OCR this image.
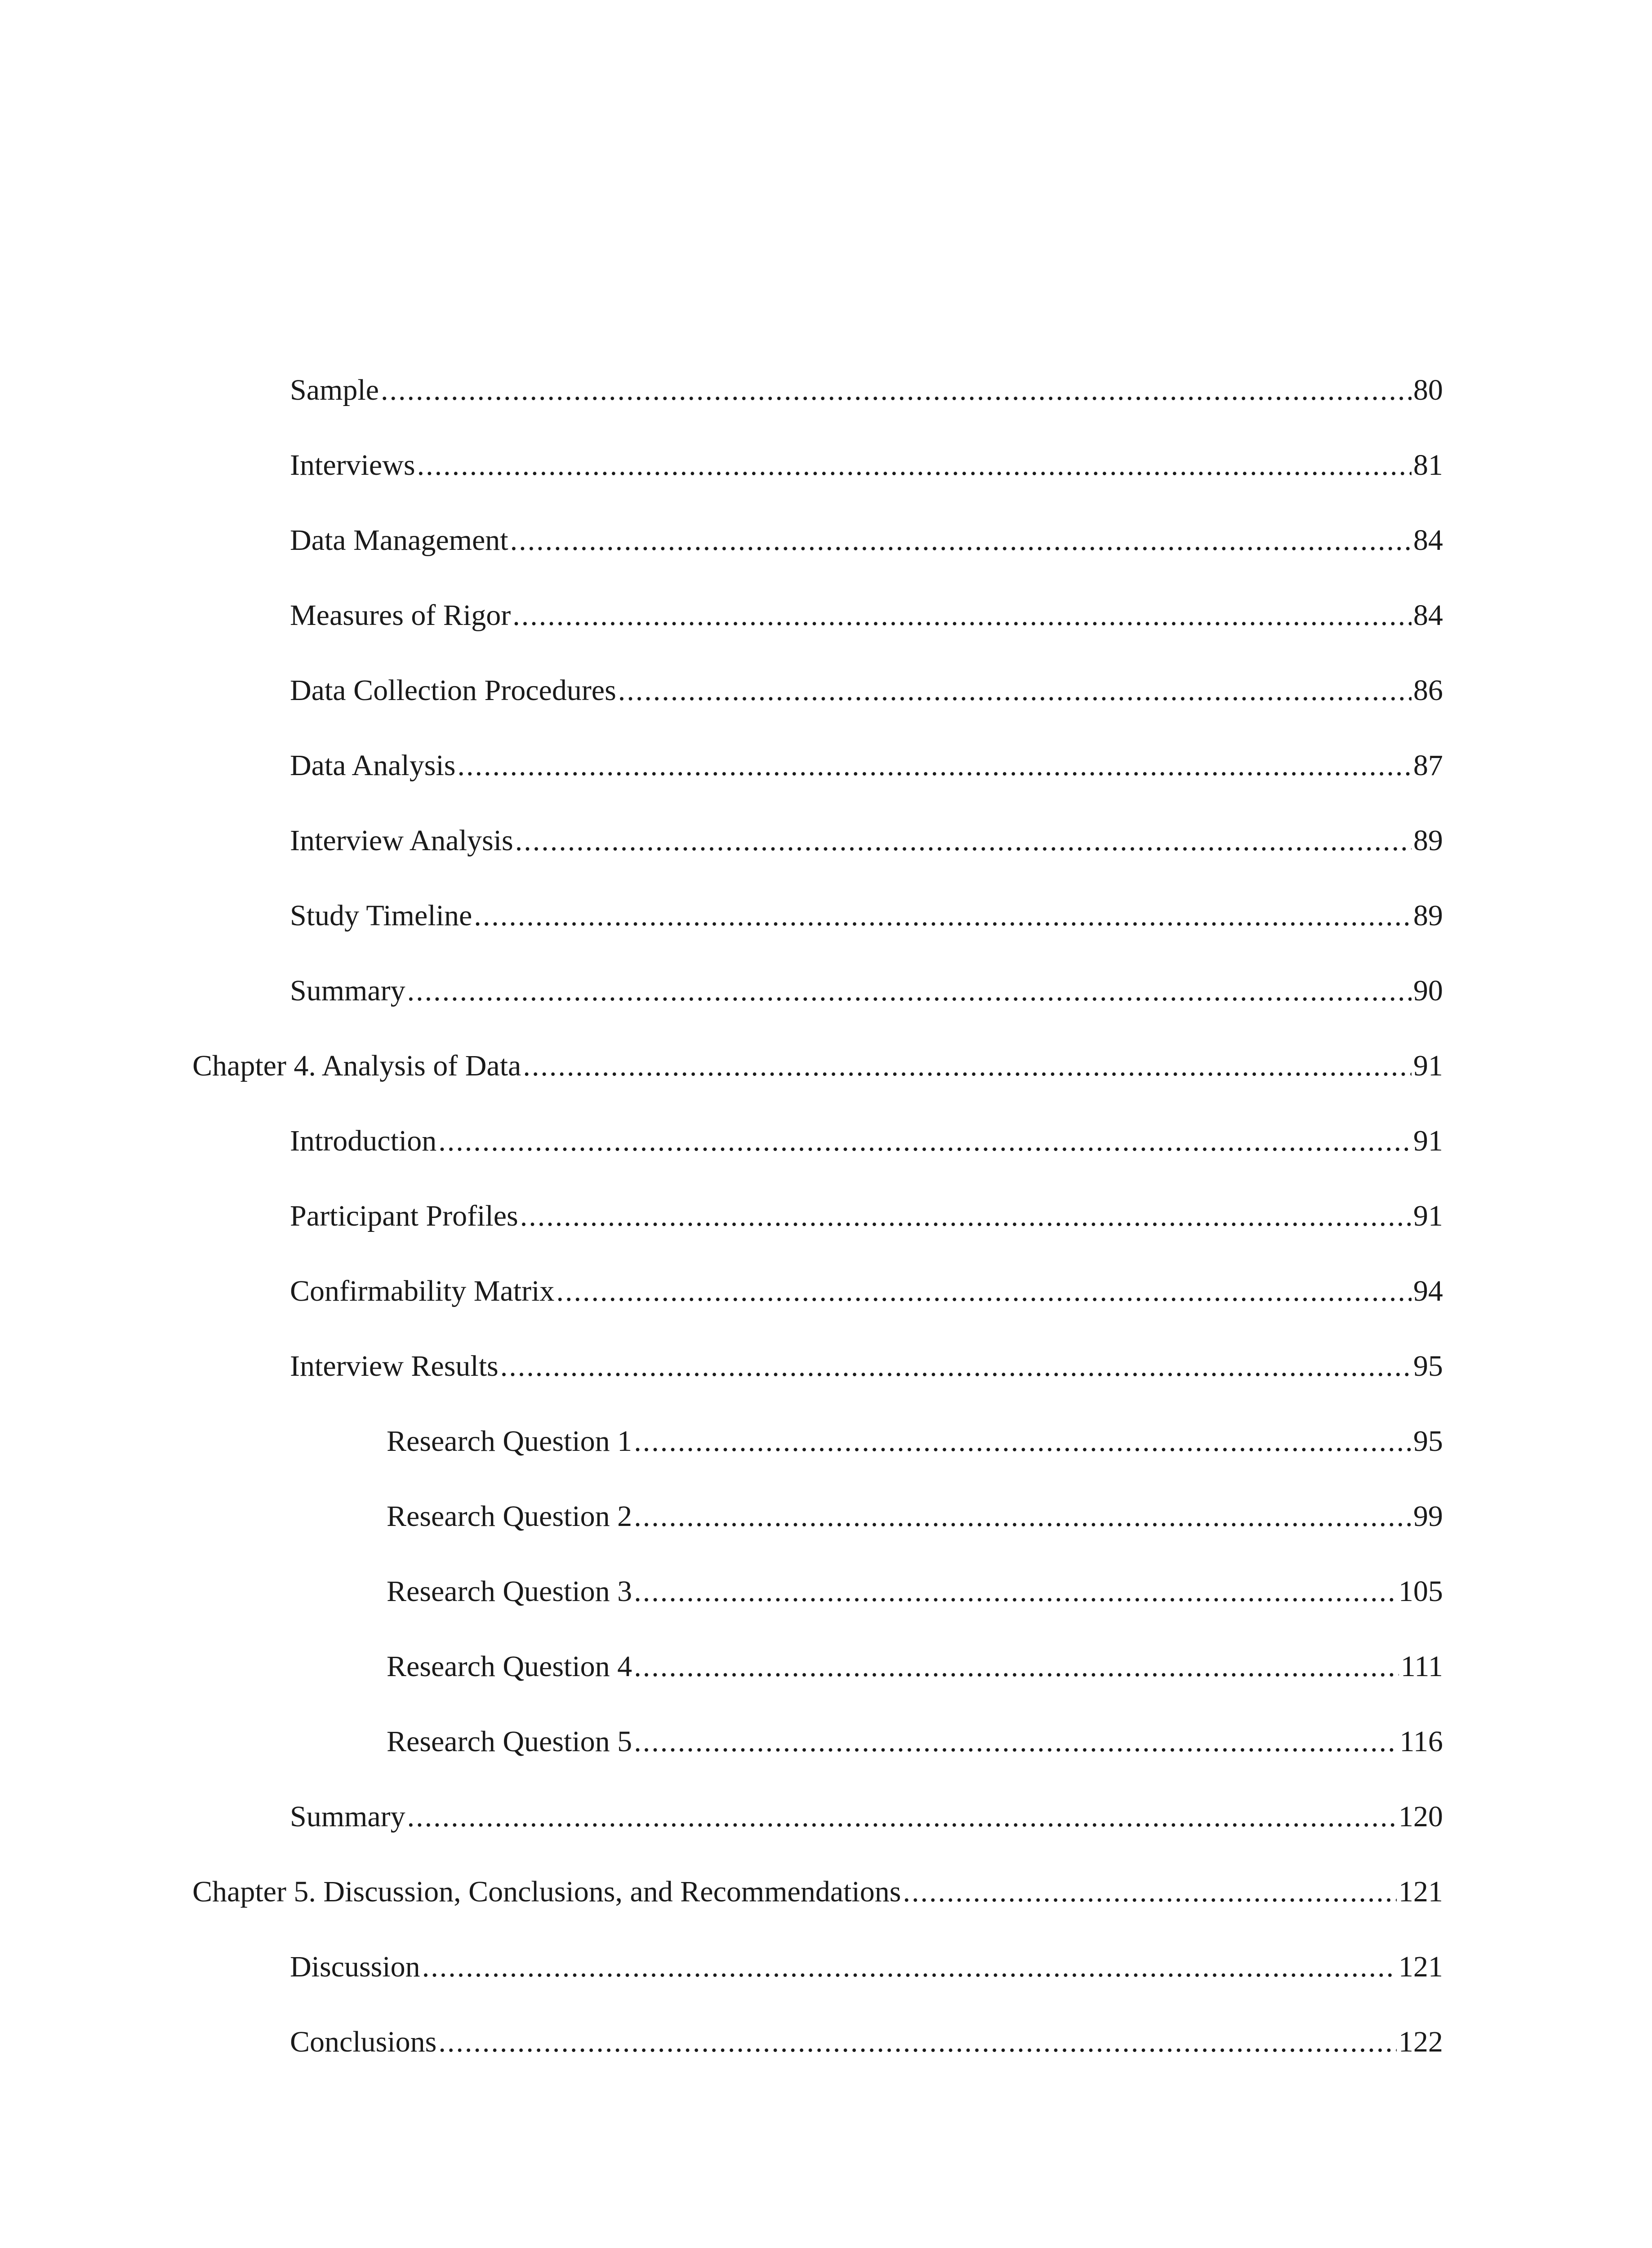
Sample .....	80
Interviews .....	81
Data Management .....	84
Measures of Rigor .....	84
Data Collection Procedures .....	86
Data Analysis .....	87
Interview Analysis .....	89
Study Timeline .....	89
Summary .....	90
Chapter 4. Analysis of Data .....	91
Introduction .....	91
Participant Profiles .....	91
Confirmability Matrix .....	94
Interview Results .....	95
Research Question 1 .....	95
Research Question 2 .....	99
Research Question 3 .....	105
Research Question 4 .....	111
Research Question 5 .....	116
Summary .....	120
Chapter 5. Discussion, Conclusions, and Recommendations .....	121
Discussion .....	121
Conclusions .....	122
